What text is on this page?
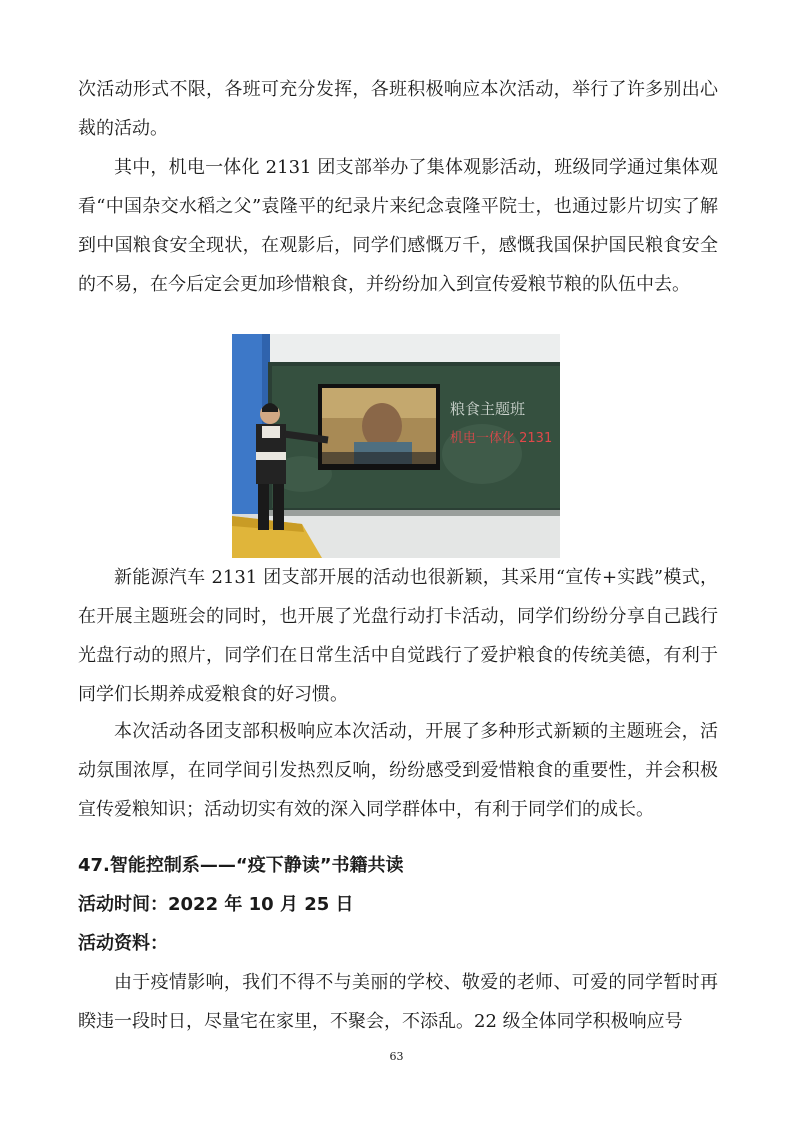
次活动形式不限，各班可充分发挥，各班积极响应本次活动，举行了许多别出心裁的活动。

其中，机电一体化 2131 团支部举办了集体观影活动，班级同学通过集体观看“中国杂交水稻之父”袁隆平的纪录片来纪念袁隆平院士，也通过影片切实了解到中国粮食安全现状，在观影后，同学们感慨万千，感慨我国保护国民粮食安全的不易，在今后定会更加珍惜粮食，并纷纷加入到宣传爱粮节粮的队伍中去。

粮食主题班
机电一体化 2131

新能源汽车 2131 团支部开展的活动也很新颖，其采用“宣传+实践”模式，在开展主题班会的同时，也开展了光盘行动打卡活动，同学们纷纷分享自己践行光盘行动的照片，同学们在日常生活中自觉践行了爱护粮食的传统美德，有利于同学们长期养成爱粮食的好习惯。

本次活动各团支部积极响应本次活动，开展了多种形式新颖的主题班会，活动氛围浓厚，在同学间引发热烈反响，纷纷感受到爱惜粮食的重要性，并会积极宣传爱粮知识；活动切实有效的深入同学群体中，有利于同学们的成长。

47.智能控制系——“疫下静读”书籍共读

活动时间：2022 年 10 月 25 日

活动资料：

由于疫情影响，我们不得不与美丽的学校、敬爱的老师、可爱的同学暂时再睽违一段时日，尽量宅在家里，不聚会，不添乱。22 级全体同学积极响应号

63
